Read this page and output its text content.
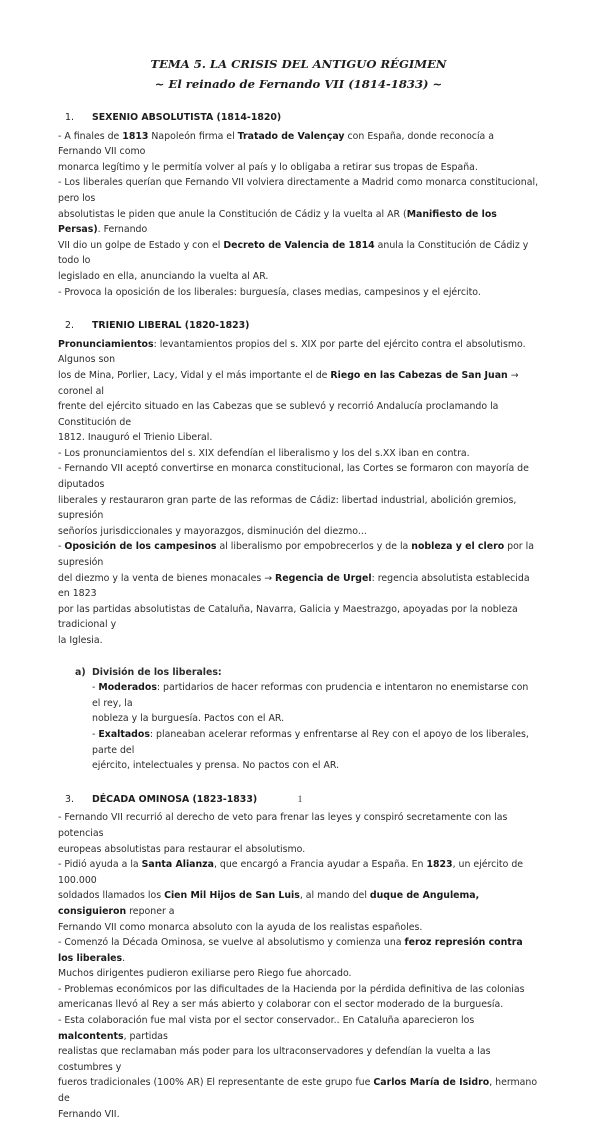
TEMA 5. LA CRISIS DEL ANTIGUO RÉGIMEN
~ El reinado de Fernando VII (1814-1833) ~
1. SEXENIO ABSOLUTISTA (1814-1820)

- A finales de 1813 Napoleón firma el Tratado de Valençay con España, donde reconocía a Fernando VII como

monarca legítimo y le permitía volver al país y lo obligaba a retirar sus tropas de España.

- Los liberales querían que Fernando VII volviera directamente a Madrid como monarca constitucional, pero los

absolutistas le piden que anule la Constitución de Cádiz y la vuelta al AR (Manifiesto de los Persas). Fernando

VII dio un golpe de Estado y con el Decreto de Valencia de 1814 anula la Constitución de Cádiz y todo lo

legislado en ella, anunciando la vuelta al AR.

- Provoca la oposición de los liberales: burguesía, clases medias, campesinos y el ejército.

2. TRIENIO LIBERAL (1820-1823)

Pronunciamientos: levantamientos propios del s. XIX por parte del ejército contra el absolutismo. Algunos son

los de Mina, Porlier, Lacy, Vidal y el más importante el de Riego en las Cabezas de San Juan → coronel al

frente del ejército situado en las Cabezas que se sublevó y recorrió Andalucía proclamando la Constitución de

1812. Inauguró el Trienio Liberal.

- Los pronunciamientos del s. XIX defendían el liberalismo y los del s.XX iban en contra.

- Fernando VII aceptó convertirse en monarca constitucional, las Cortes se formaron con mayoría de diputados

liberales y restauraron gran parte de las reformas de Cádiz: libertad industrial, abolición gremios, supresión

señoríos jurisdiccionales y mayorazgos, disminución del diezmo...

- Oposición de los campesinos al liberalismo por empobrecerlos y de la nobleza y el clero por la supresión

del diezmo y la venta de bienes monacales → Regencia de Urgel: regencia absolutista establecida en 1823

por las partidas absolutistas de Cataluña, Navarra, Galicia y Maestrazgo, apoyadas por la nobleza tradicional y

la Iglesia.

a) División de los liberales:

- Moderados: partidarios de hacer reformas con prudencia e intentaron no enemistarse con el rey, la

nobleza y la burguesía. Pactos con el AR.

- Exaltados: planeaban acelerar reformas y enfrentarse al Rey con el apoyo de los liberales, parte del

ejército, intelectuales y prensa. No pactos con el AR.

3. DÉCADA OMINOSA (1823-1833)

- Fernando VII recurrió al derecho de veto para frenar las leyes y conspiró secretamente con las potencias

europeas absolutistas para restaurar el absolutismo.

- Pidió ayuda a la Santa Alianza, que encargó a Francia ayudar a España. En 1823, un ejército de 100.000

soldados llamados los Cien Mil Hijos de San Luis, al mando del duque de Angulema, consiguieron reponer a

Fernando VII como monarca absoluto con la ayuda de los realistas españoles.

- Comenzó la Década Ominosa, se vuelve al absolutismo y comienza una feroz represión contra los liberales.

Muchos dirigentes pudieron exiliarse pero Riego fue ahorcado.

- Problemas económicos por las dificultades de la Hacienda por la pérdida definitiva de las colonias

americanas llevó al Rey a ser más abierto y colaborar con el sector moderado de la burguesía.

- Esta colaboración fue mal vista por el sector conservador.. En Cataluña aparecieron los malcontents, partidas

realistas que reclamaban más poder para los ultraconservadores y defendían la vuelta a las costumbres y

fueros tradicionales (100% AR) El representante de este grupo fue Carlos María de Isidro, hermano de

Fernando VII.

1
